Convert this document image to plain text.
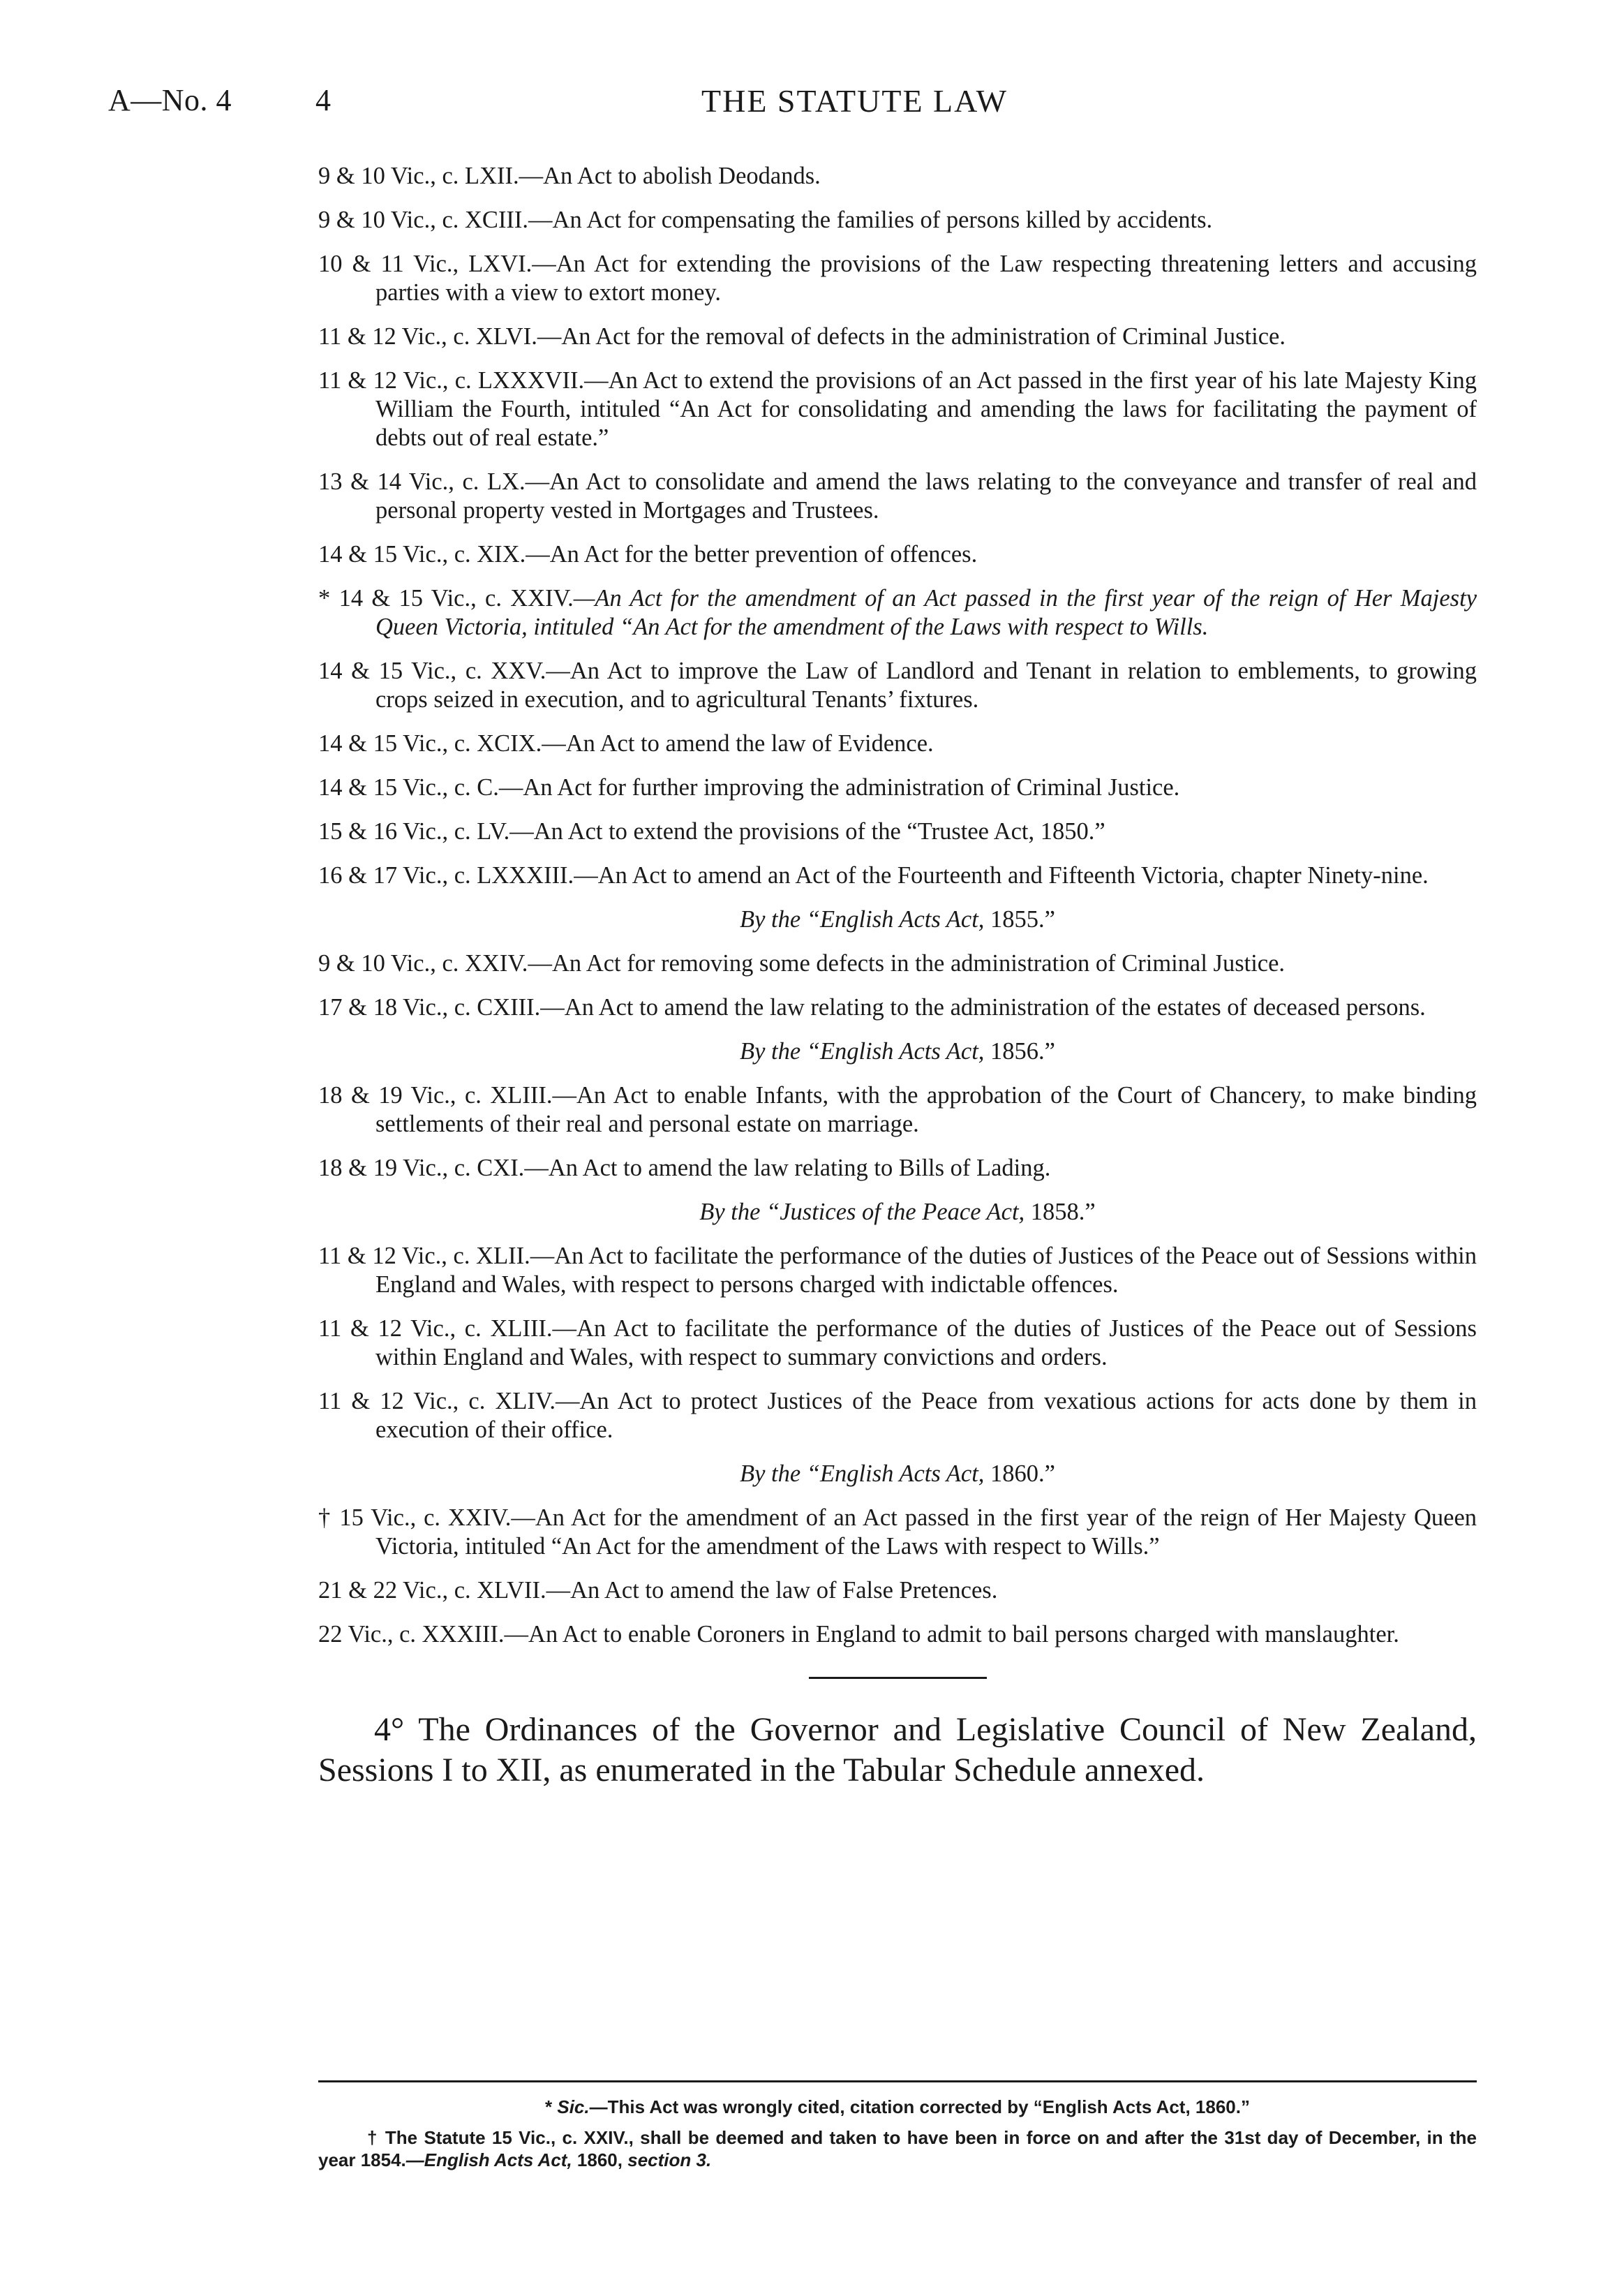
A—No. 4	4	THE STATUTE LAW

9 & 10 Vic., c. LXII.—An Act to abolish Deodands.

9 & 10 Vic., c. XCIII.—An Act for compensating the families of persons killed by accidents.

10 & 11 Vic., LXVI.—An Act for extending the provisions of the Law respecting threatening letters and accusing parties with a view to extort money.

11 & 12 Vic., c. XLVI.—An Act for the removal of defects in the administration of Criminal Justice.

11 & 12 Vic., c. LXXXVII.—An Act to extend the provisions of an Act passed in the first year of his late Majesty King William the Fourth, intituled “An Act for consolidating and amending the laws for facilitating the payment of debts out of real estate.”

13 & 14 Vic., c. LX.—An Act to consolidate and amend the laws relating to the conveyance and transfer of real and personal property vested in Mortgages and Trustees.

14 & 15 Vic., c. XIX.—An Act for the better prevention of offences.

* 14 & 15 Vic., c. XXIV.—An Act for the amendment of an Act passed in the first year of the reign of Her Majesty Queen Victoria, intituled “An Act for the amendment of the Laws with respect to Wills.

14 & 15 Vic., c. XXV.—An Act to improve the Law of Landlord and Tenant in relation to emblements, to growing crops seized in execution, and to agricultural Tenants’ fixtures.

14 & 15 Vic., c. XCIX.—An Act to amend the law of Evidence.

14 & 15 Vic., c. C.—An Act for further improving the administration of Criminal Justice.

15 & 16 Vic., c. LV.—An Act to extend the provisions of the “Trustee Act, 1850.”

16 & 17 Vic., c. LXXXIII.—An Act to amend an Act of the Fourteenth and Fifteenth Victoria, chapter Ninety-nine.

By the “English Acts Act, 1855.”

9 & 10 Vic., c. XXIV.—An Act for removing some defects in the administration of Criminal Justice.

17 & 18 Vic., c. CXIII.—An Act to amend the law relating to the administration of the estates of deceased persons.

By the “English Acts Act, 1856.”

18 & 19 Vic., c. XLIII.—An Act to enable Infants, with the approbation of the Court of Chancery, to make binding settlements of their real and personal estate on marriage.

18 & 19 Vic., c. CXI.—An Act to amend the law relating to Bills of Lading.

By the “Justices of the Peace Act, 1858.”

11 & 12 Vic., c. XLII.—An Act to facilitate the performance of the duties of Justices of the Peace out of Sessions within England and Wales, with respect to persons charged with indictable offences.

11 & 12 Vic., c. XLIII.—An Act to facilitate the performance of the duties of Justices of the Peace out of Sessions within England and Wales, with respect to summary convictions and orders.

11 & 12 Vic., c. XLIV.—An Act to protect Justices of the Peace from vexatious actions for acts done by them in execution of their office.

By the “English Acts Act, 1860.”

† 15 Vic., c. XXIV.—An Act for the amendment of an Act passed in the first year of the reign of Her Majesty Queen Victoria, intituled “An Act for the amendment of the Laws with respect to Wills.”

21 & 22 Vic., c. XLVII.—An Act to amend the law of False Pretences.

22 Vic., c. XXXIII.—An Act to enable Coroners in England to admit to bail persons charged with manslaughter.

4° The Ordinances of the Governor and Legislative Council of New Zealand, Sessions I to XII, as enumerated in the Tabular Schedule annexed.

* Sic.—This Act was wrongly cited, citation corrected by “English Acts Act, 1860.”

† The Statute 15 Vic., c. XXIV., shall be deemed and taken to have been in force on and after the 31st day of December, in the year 1854.—English Acts Act, 1860, section 3.
